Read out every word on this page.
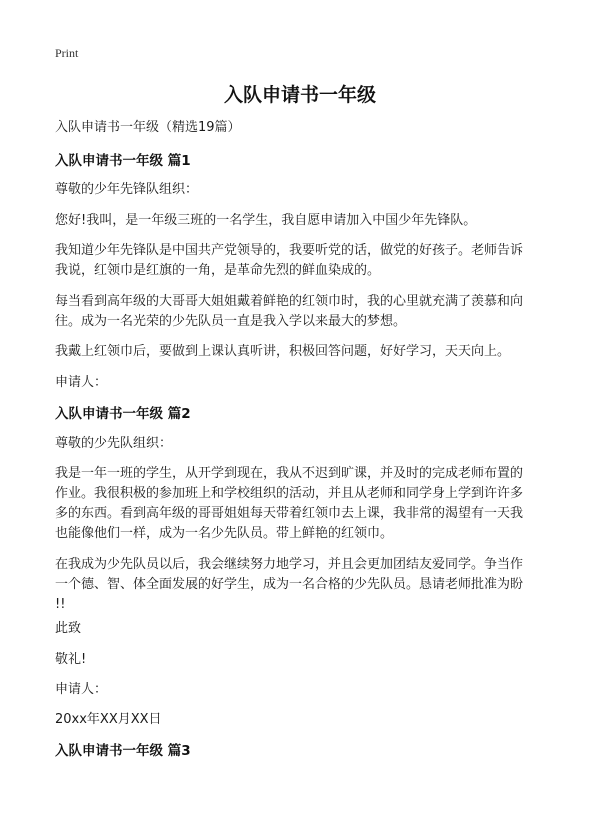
Print
入队申请书一年级
入队申请书一年级（精选19篇）
入队申请书一年级 篇1
尊敬的少年先锋队组织：
您好!我叫，是一年级三班的一名学生，我自愿申请加入中国少年先锋队。
我知道少年先锋队是中国共产党领导的，我要听党的话，做党的好孩子。老师告诉
我说，红领巾是红旗的一角，是革命先烈的鲜血染成的。
每当看到高年级的大哥哥大姐姐戴着鲜艳的红领巾时，我的心里就充满了羡慕和向
往。成为一名光荣的少先队员一直是我入学以来最大的梦想。
我戴上红领巾后，要做到上课认真听讲，积极回答问题，好好学习，天天向上。
申请人：
入队申请书一年级 篇2
尊敬的少先队组织：
我是一年一班的学生，从开学到现在，我从不迟到旷课，并及时的完成老师布置的
作业。我很积极的参加班上和学校组织的活动，并且从老师和同学身上学到许许多
多的东西。看到高年级的哥哥姐姐每天带着红领巾去上课，我非常的渴望有一天我
也能像他们一样，成为一名少先队员。带上鲜艳的红领巾。
在我成为少先队员以后，我会继续努力地学习，并且会更加团结友爱同学。争当作
一个德、智、体全面发展的好学生，成为一名合格的少先队员。恳请老师批准为盼
!!
此致
敬礼!
申请人：
20xx年XX月XX日
入队申请书一年级 篇3
